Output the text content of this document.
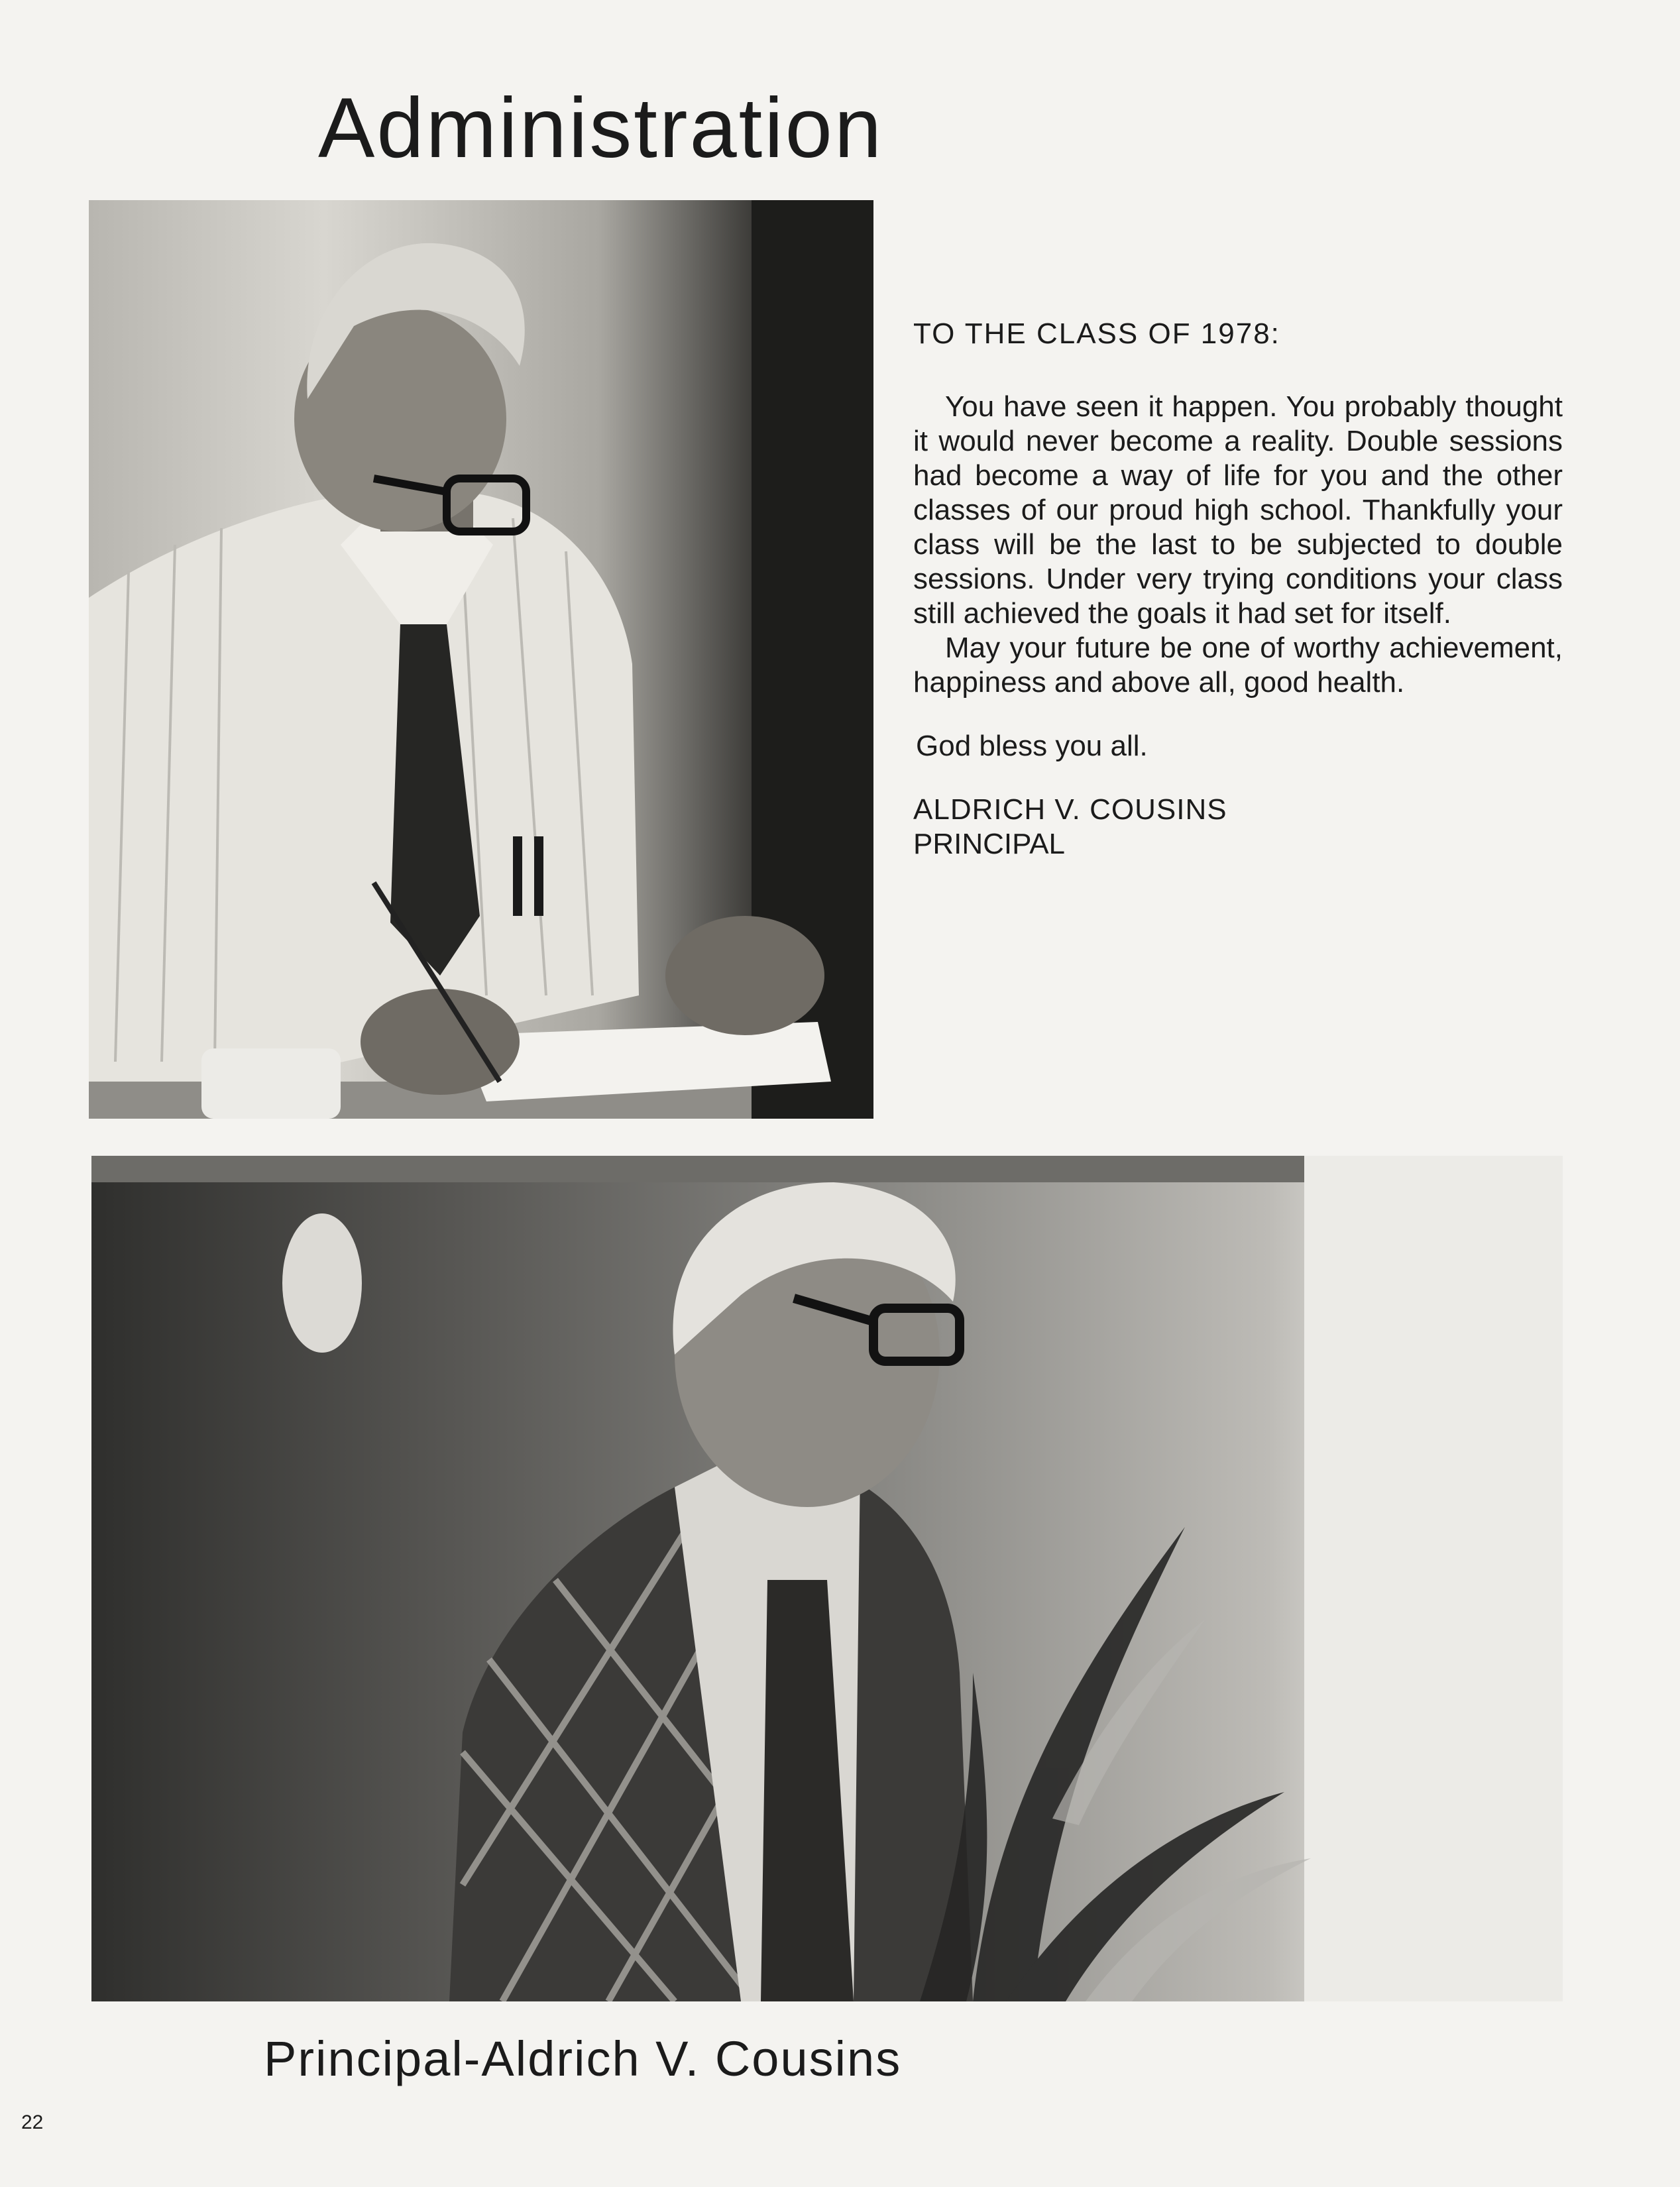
Administration

TO THE CLASS OF 1978:

You have seen it happen. You probably thought it would never become a reality. Double sessions had become a way of life for you and the other classes of our proud high school. Thankfully your class will be the last to be subjected to double sessions. Under very trying conditions your class still achieved the goals it had set for itself.

May your future be one of worthy achievement, happiness and above all, good health.

God bless you all.

ALDRICH V. COUSINS

PRINCIPAL

Principal-Aldrich V. Cousins

22
